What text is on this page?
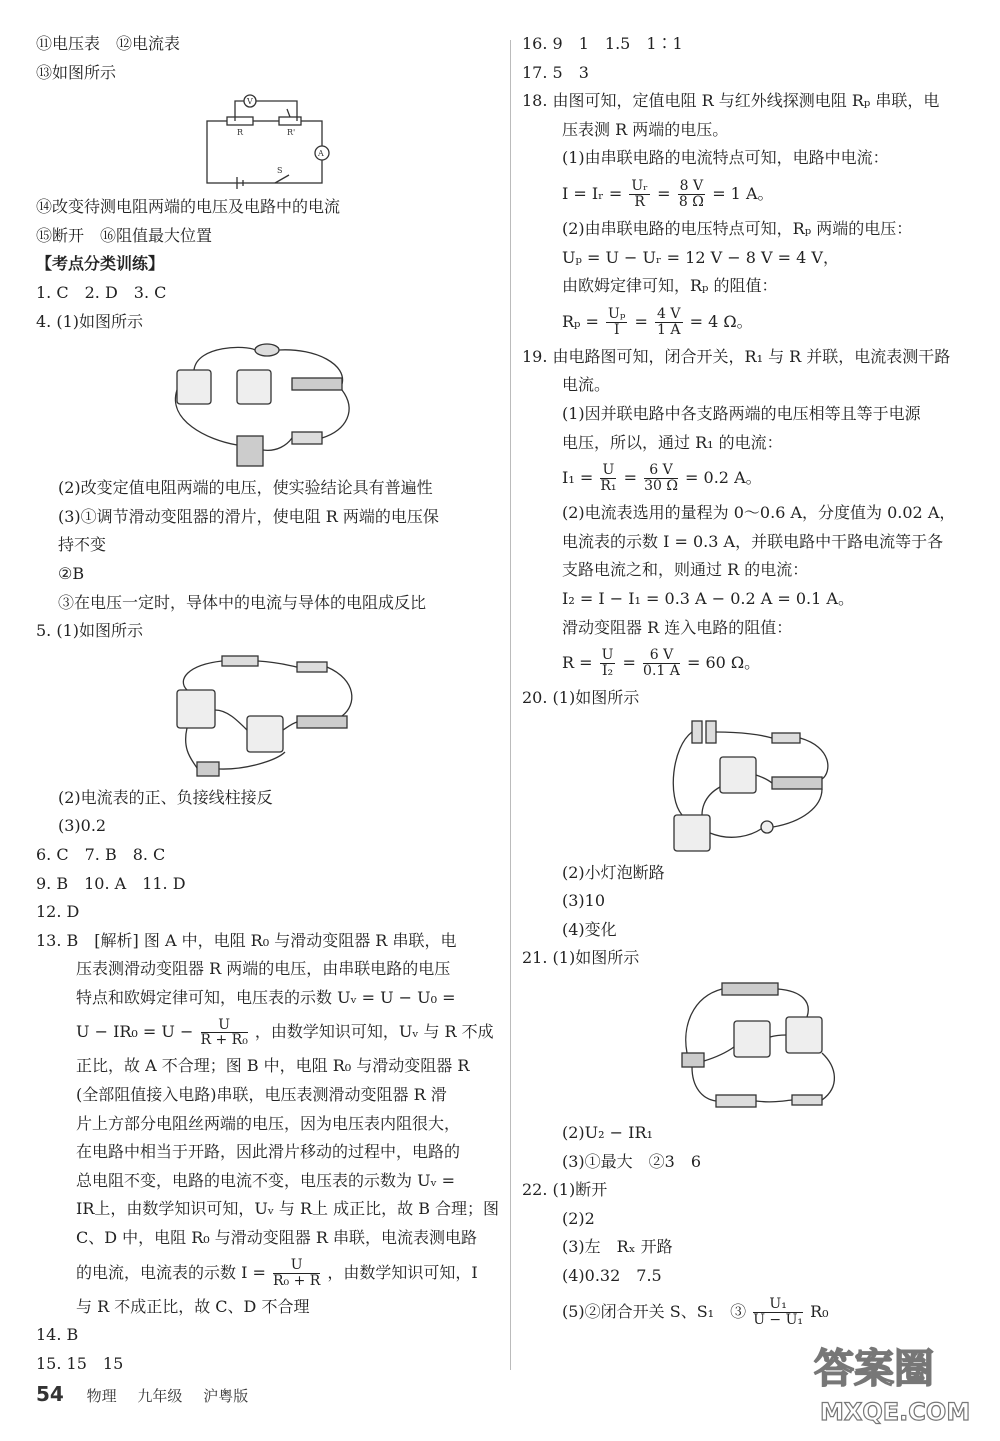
⑪电压表　⑫电流表
⑬如图所示
V
A
R	R'
S
⑭改变待测电阻两端的电压及电路中的电流
⑮断开　⑯阻值最大位置
【考点分类训练】
1. C　2. D　3. C
4. (1)如图所示
(2)改变定值电阻两端的电压，使实验结论具有普遍性
(3)①调节滑动变阻器的滑片，使电阻 R 两端的电压保
持不变
②B
③在电压一定时，导体中的电流与导体的电阻成反比
5. (1)如图所示
(2)电流表的正、负接线柱接反
(3)0.2
6. C　7. B　8. C
9. B　10. A　11. D
12. D
13. B　[解析] 图 A 中，电阻 R₀ 与滑动变阻器 R 串联，电
压表测滑动变阻器 R 两端的电压，由串联电路的电压
特点和欧姆定律可知，电压表的示数 Uᵥ = U − U₀ =
$U - IR_0 = U - \frac{U}{\text{R + R₀}}$ ，由数学知识可知，Uᵥ 与 R 不成
正比，故 A 不合理；图 B 中，电阻 R₀ 与滑动变阻器 R
(全部阻值接入电路)串联，电压表测滑动变阻器 R 滑
片上方部分电阻丝两端的电压，因为电压表内阻很大，
在电路中相当于开路，因此滑片移动的过程中，电路的
总电阻不变，电路的电流不变，电压表的示数为 Uᵥ =
IR上，由数学知识可知，Uᵥ 与 R上 成正比，故 B 合理；图
C、D 中，电阻 R₀ 与滑动变阻器 R 串联，电流表测电路
的电流，电流表的示数 $I = \frac{U}{\text{R₀ + R}}$ ，由数学知识可知，I
与 R 不成正比，故 C、D 不合理
14. B
15. 15　15
16. 9　1　1.5　1∶1
17. 5　3
18. 由图可知，定值电阻 R 与红外线探测电阻 Rₚ 串联，电
压表测 R 两端的电压。
(1)由串联电路的电流特点可知，电路中电流：
I = Iᵣ = $\frac{\text{Uᵣ}}{R} = \frac{8 V}{8 \Omega} = 1$ A。
(2)由串联电路的电压特点可知，Rₚ 两端的电压：
Uₚ = U − Uᵣ = 12 V − 8 V = 4 V，
由欧姆定律可知，Rₚ 的阻值：
$R_p = \frac{\text{Uₚ}}{I} = \frac{4 V}{1 A} = 4$ Ω。
19. 由电路图可知，闭合开关，R₁ 与 R 并联，电流表测干路
电流。
(1)因并联电路中各支路两端的电压相等且等于电源
电压，所以，通过 R₁ 的电流：
$I_1 = \frac{U}{\text{R₁}} = \frac{6 V}{30 \Omega} = 0.2$ A。
(2)电流表选用的量程为 0～0.6 A，分度值为 0.02 A，
电流表的示数 I = 0.3 A，并联电路中干路电流等于各
支路电流之和，则通过 R 的电流：
I₂ = I − I₁ = 0.3 A − 0.2 A = 0.1 A。
滑动变阻器 R 连入电路的阻值：
$R = \frac{U}{\text{I₂}} = \frac{6 V}{0.1 A} = 60$ Ω。
20. (1)如图所示
(2)小灯泡断路
(3)10
(4)变化
21. (1)如图所示
(2)U₂ − IR₁
(3)①最大　②3　6
22. (1)断开
(2)2
(3)左　Rₓ 开路
(4)0.32　7.5
(5)②闭合开关 S、S₁　③ $\frac{\text{U₁}}{\text{U − U₁}} R_0$
54 物理 九年级 沪粤版
答案圈
MXQE.COM
